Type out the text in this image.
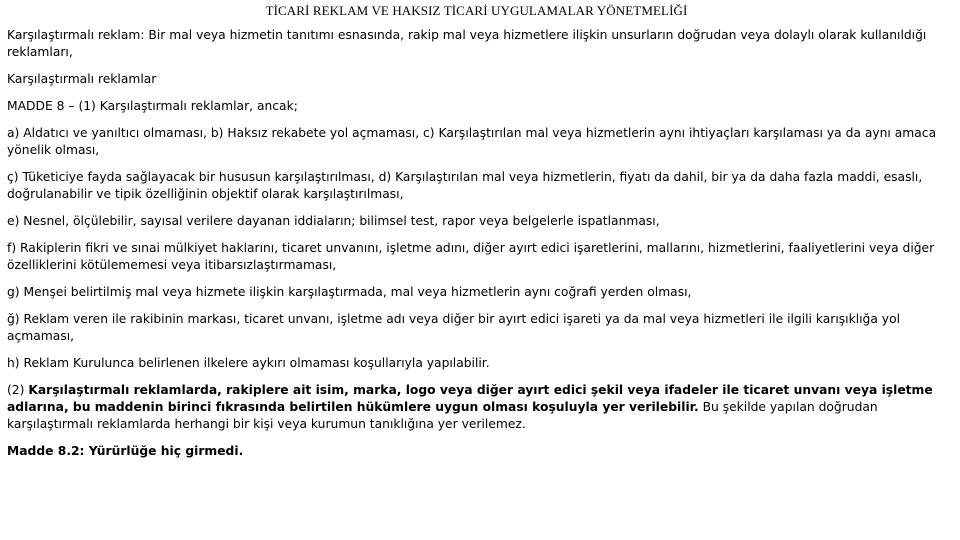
TİCARİ REKLAM VE HAKSIZ TİCARİ UYGULAMALAR YÖNETMELİĞİ

Karşılaştırmalı reklam: Bir mal veya hizmetin tanıtımı esnasında, rakip mal veya hizmetlere ilişkin unsurların doğrudan veya dolaylı olarak kullanıldığı reklamları,

Karşılaştırmalı reklamlar

MADDE 8 – (1) Karşılaştırmalı reklamlar, ancak;

a) Aldatıcı ve yanıltıcı olmaması, b) Haksız rekabete yol açmaması, c) Karşılaştırılan mal veya hizmetlerin aynı ihtiyaçları karşılaması ya da aynı amaca yönelik olması,

ç) Tüketiciye fayda sağlayacak bir hususun karşılaştırılması, d) Karşılaştırılan mal veya hizmetlerin, fiyatı da dahil, bir ya da daha fazla maddi, esaslı, doğrulanabilir ve tipik özelliğinin objektif olarak karşılaştırılması,

e) Nesnel, ölçülebilir, sayısal verilere dayanan iddiaların; bilimsel test, rapor veya belgelerle ispatlanması,

f) Rakiplerin fikri ve sınai mülkiyet haklarını, ticaret unvanını, işletme adını, diğer ayırt edici işaretlerini, mallarını, hizmetlerini, faaliyetlerini veya diğer özelliklerini kötülememesi veya itibarsızlaştırmaması,

g) Menşei belirtilmiş mal veya hizmete ilişkin karşılaştırmada, mal veya hizmetlerin aynı coğrafi yerden olması,

ğ) Reklam veren ile rakibinin markası, ticaret unvanı, işletme adı veya diğer bir ayırt edici işareti ya da mal veya hizmetleri ile ilgili karışıklığa yol açmaması,

h) Reklam Kurulunca belirlenen ilkelere aykırı olmaması koşullarıyla yapılabilir.

(2) Karşılaştırmalı reklamlarda, rakiplere ait isim, marka, logo veya diğer ayırt edici şekil veya ifadeler ile ticaret unvanı veya işletme adlarına, bu maddenin birinci fıkrasında belirtilen hükümlere uygun olması koşuluyla yer verilebilir. Bu şekilde yapılan doğrudan karşılaştırmalı reklamlarda herhangi bir kişi veya kurumun tanıklığına yer verilemez.

Madde 8.2: Yürürlüğe hiç girmedi.
